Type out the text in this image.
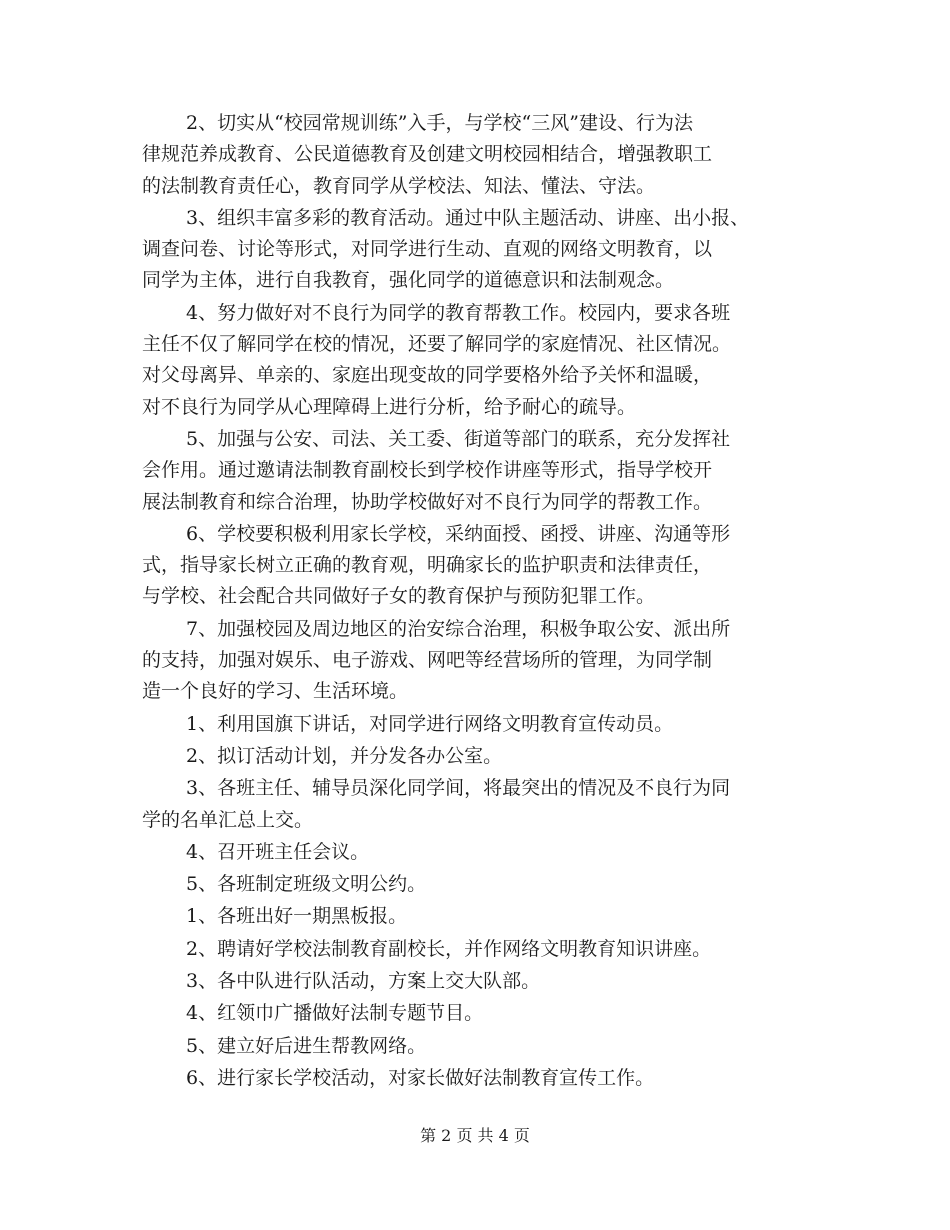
2、切实从“校园常规训练”入手，与学校“三风”建设、行为法
律规范养成教育、公民道德教育及创建文明校园相结合，增强教职工
的法制教育责任心，教育同学从学校法、知法、懂法、守法。

3、组织丰富多彩的教育活动。通过中队主题活动、讲座、出小报、
调查问卷、讨论等形式，对同学进行生动、直观的网络文明教育，以
同学为主体，进行自我教育，强化同学的道德意识和法制观念。

4、努力做好对不良行为同学的教育帮教工作。校园内，要求各班
主任不仅了解同学在校的情况，还要了解同学的家庭情况、社区情况。
对父母离异、单亲的、家庭出现变故的同学要格外给予关怀和温暖，
对不良行为同学从心理障碍上进行分析，给予耐心的疏导。

5、加强与公安、司法、关工委、街道等部门的联系，充分发挥社
会作用。通过邀请法制教育副校长到学校作讲座等形式，指导学校开
展法制教育和综合治理，协助学校做好对不良行为同学的帮教工作。

6、学校要积极利用家长学校，采纳面授、函授、讲座、沟通等形
式，指导家长树立正确的教育观，明确家长的监护职责和法律责任，
与学校、社会配合共同做好子女的教育保护与预防犯罪工作。

7、加强校园及周边地区的治安综合治理，积极争取公安、派出所
的支持，加强对娱乐、电子游戏、网吧等经营场所的管理，为同学制
造一个良好的学习、生活环境。

1、利用国旗下讲话，对同学进行网络文明教育宣传动员。

2、拟订活动计划，并分发各办公室。

3、各班主任、辅导员深化同学间，将最突出的情况及不良行为同
学的名单汇总上交。

4、召开班主任会议。

5、各班制定班级文明公约。

1、各班出好一期黑板报。

2、聘请好学校法制教育副校长，并作网络文明教育知识讲座。

3、各中队进行队活动，方案上交大队部。

4、红领巾广播做好法制专题节目。

5、建立好后进生帮教网络。

6、进行家长学校活动，对家长做好法制教育宣传工作。

第 2 页 共 4 页
